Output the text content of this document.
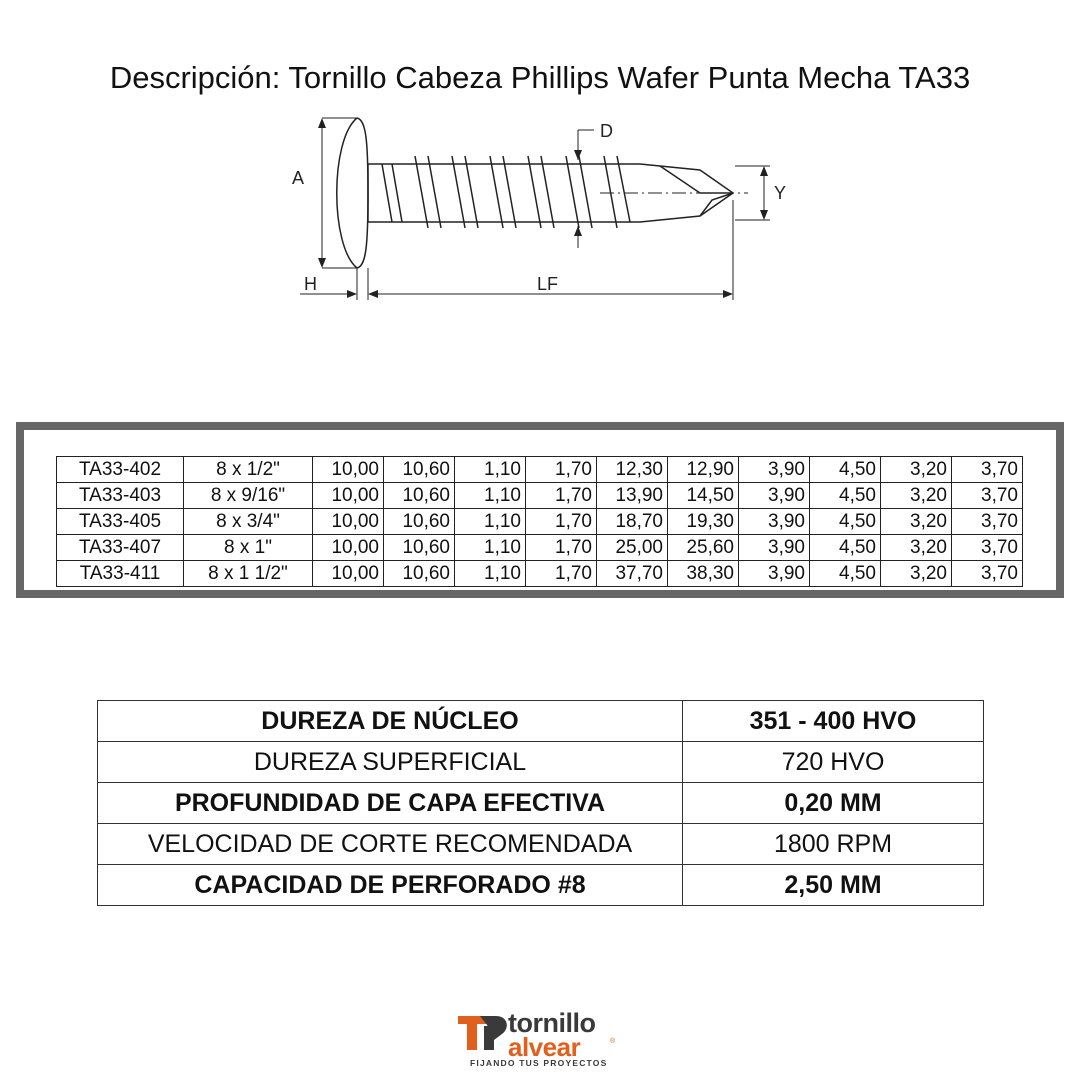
Descripción: Tornillo Cabeza Phillips Wafer Punta Mecha TA33
A
D
Y
H	LF
TA33-402	8 x 1/2"	10,00	10,60	1,10	1,70	12,30	12,90	3,90	4,50	3,20	3,70
TA33-403	8 x 9/16"	10,00	10,60	1,10	1,70	13,90	14,50	3,90	4,50	3,20	3,70
TA33-405	8 x 3/4"	10,00	10,60	1,10	1,70	18,70	19,30	3,90	4,50	3,20	3,70
TA33-407	8 x 1"	10,00	10,60	1,10	1,70	25,00	25,60	3,90	4,50	3,20	3,70
TA33-411	8 x 1 1/2"	10,00	10,60	1,10	1,70	37,70	38,30	3,90	4,50	3,20	3,70
DUREZA DE NÚCLEO	351 - 400 HVO
DUREZA SUPERFICIAL	720 HVO
PROFUNDIDAD DE CAPA EFECTIVA	0,20 MM
VELOCIDAD DE CORTE RECOMENDADA	1800 RPM
CAPACIDAD DE PERFORADO #8	2,50 MM
tornillo
alvear	®
FIJANDO TUS PROYECTOS
